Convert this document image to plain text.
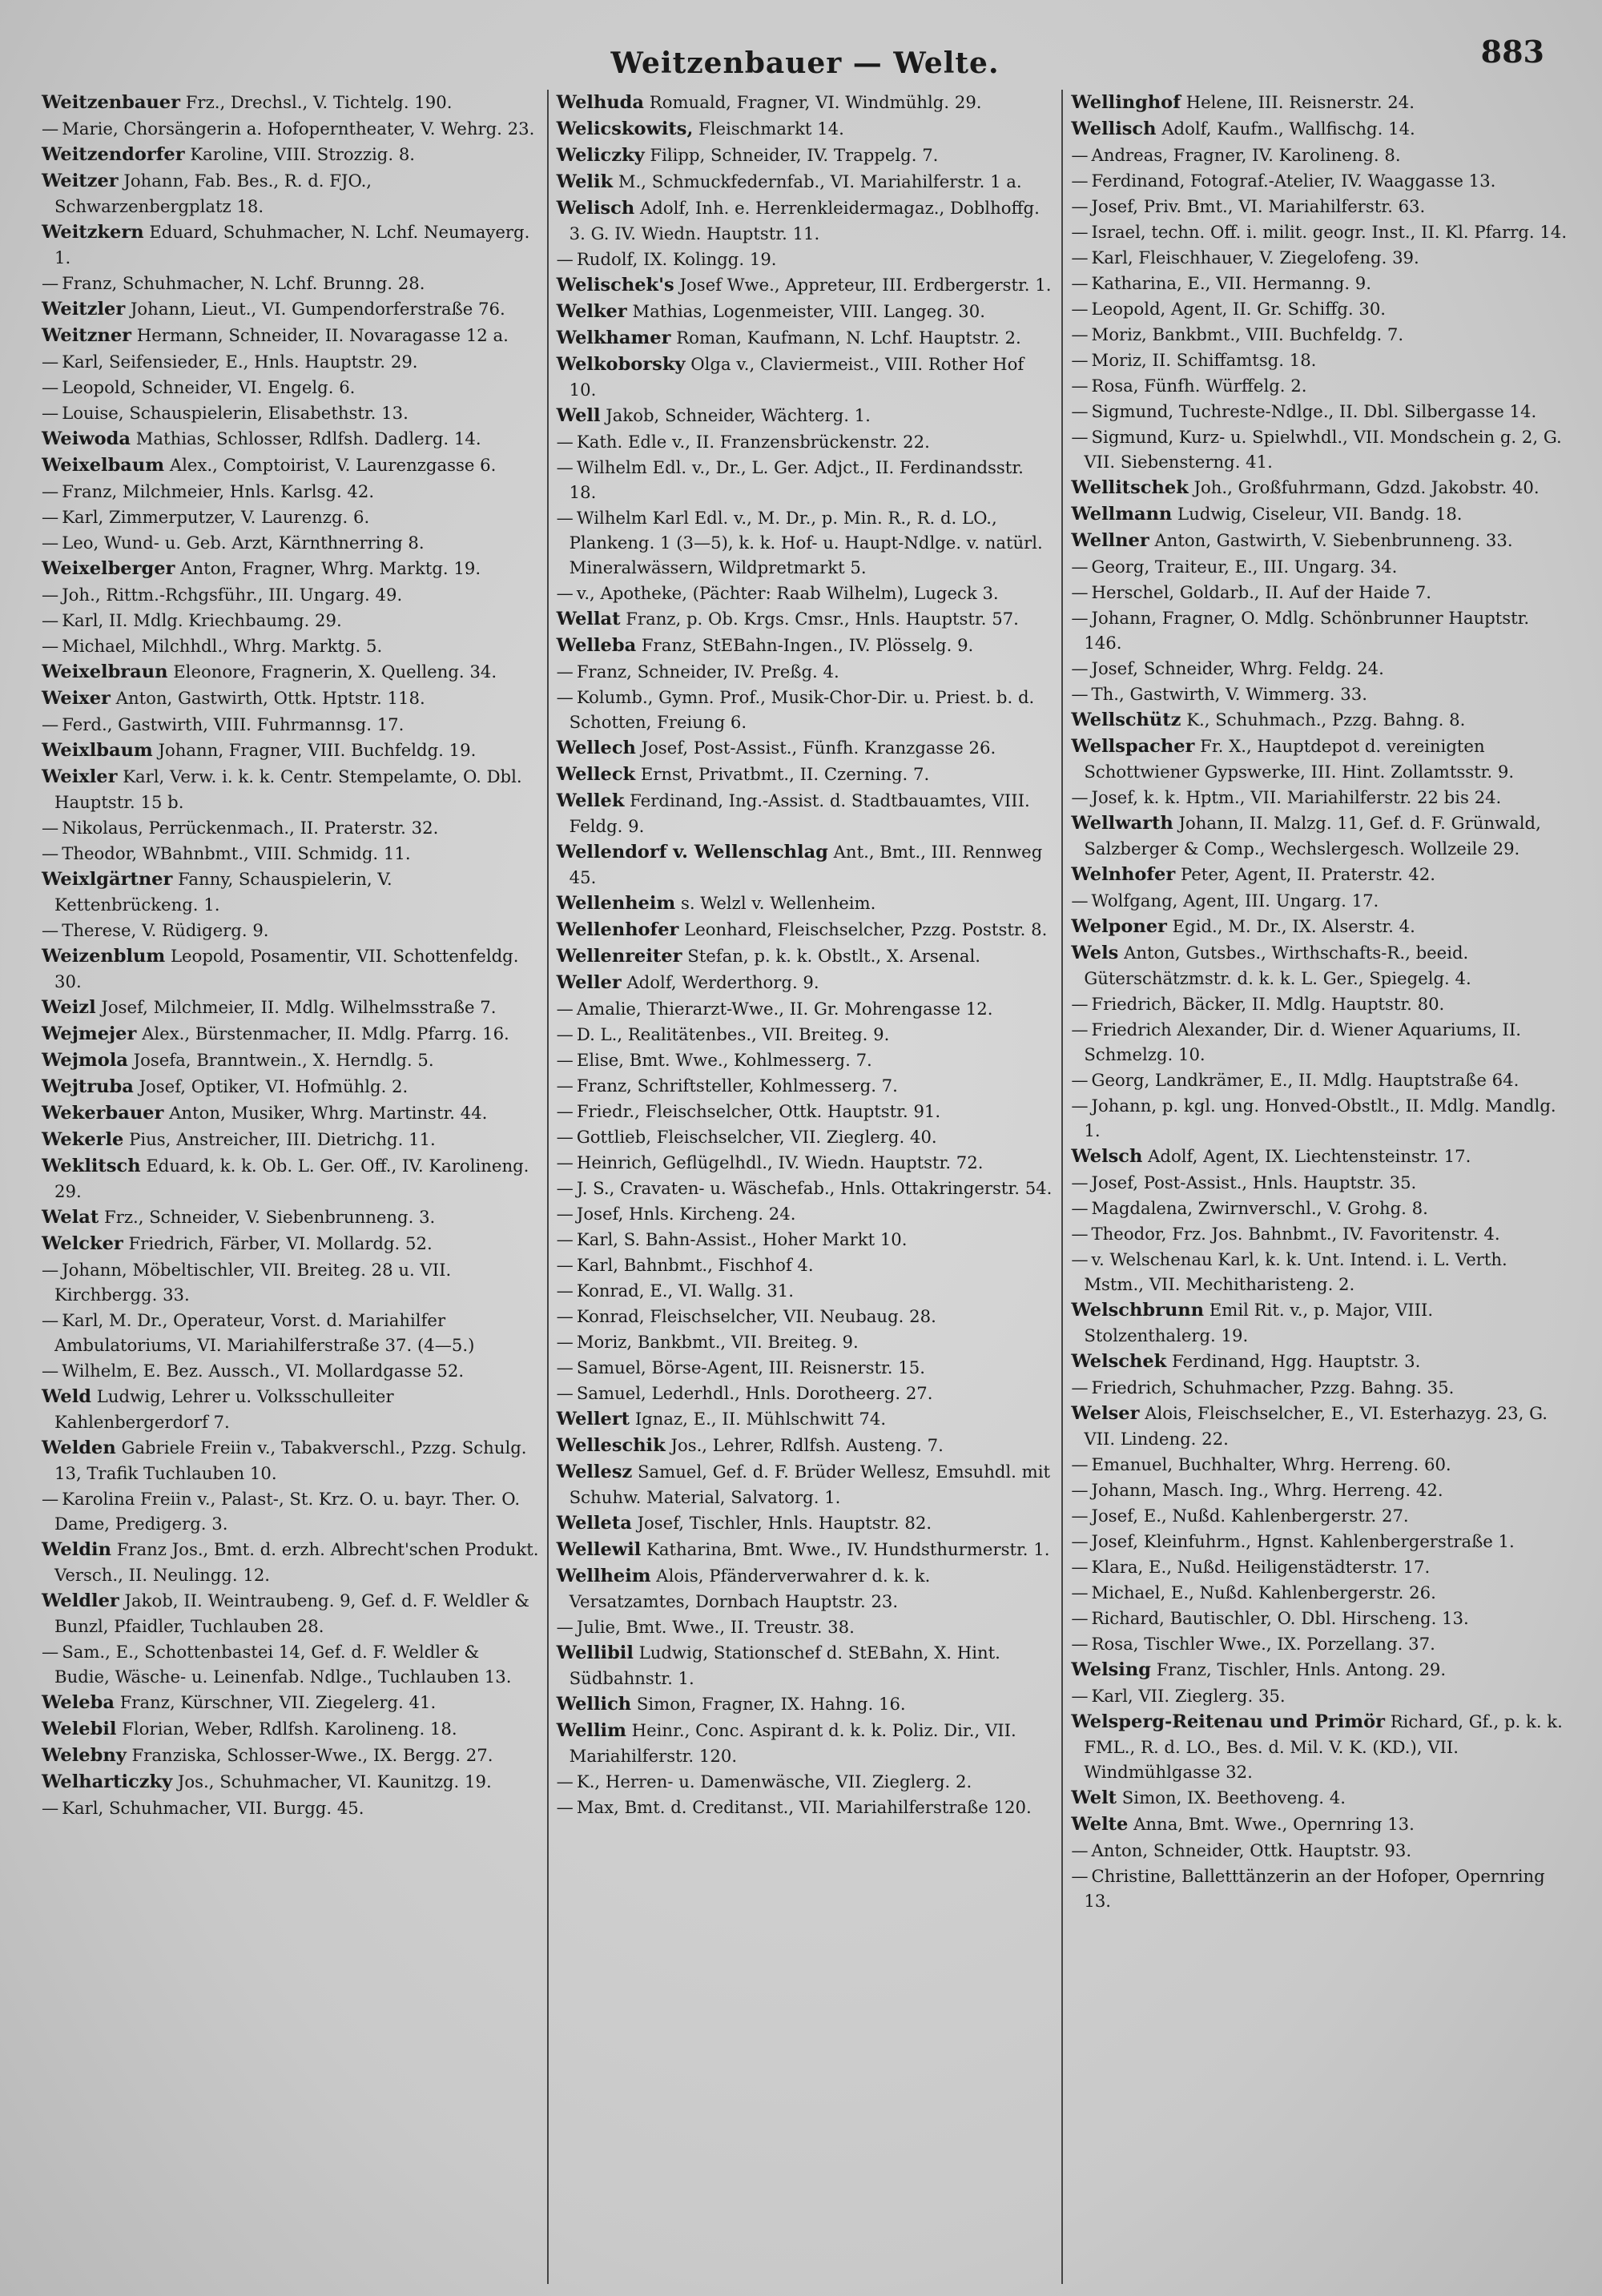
Weitzenbauer — Welte.	883

Weitzenbauer Frz., Drechsl., V. Tichtelg. 190.

— Marie, Chorsängerin a. Hofoperntheater, V. Wehrg. 23.

Weitzendorfer Karoline, VIII. Strozzig. 8.

Weitzer Johann, Fab. Bes., R. d. FJO., Schwarzenbergplatz 18.

Weitzkern Eduard, Schuhmacher, N. Lchf. Neumayerg. 1.

— Franz, Schuhmacher, N. Lchf. Brunng. 28.

Weitzler Johann, Lieut., VI. Gumpendorferstraße 76.

Weitzner Hermann, Schneider, II. Novaragasse 12 a.

— Karl, Seifensieder, E., Hnls. Hauptstr. 29.

— Leopold, Schneider, VI. Engelg. 6.

— Louise, Schauspielerin, Elisabethstr. 13.

Weiwoda Mathias, Schlosser, Rdlfsh. Dadlerg. 14.

Weixelbaum Alex., Comptoirist, V. Laurenzgasse 6.

— Franz, Milchmeier, Hnls. Karlsg. 42.

— Karl, Zimmerputzer, V. Laurenzg. 6.

— Leo, Wund- u. Geb. Arzt, Kärnthnerring 8.

Weixelberger Anton, Fragner, Whrg. Marktg. 19.

— Joh., Rittm.-Rchgsführ., III. Ungarg. 49.

— Karl, II. Mdlg. Kriechbaumg. 29.

— Michael, Milchhdl., Whrg. Marktg. 5.

Weixelbraun Eleonore, Fragnerin, X. Quelleng. 34.

Weixer Anton, Gastwirth, Ottk. Hptstr. 118.

— Ferd., Gastwirth, VIII. Fuhrmannsg. 17.

Weixlbaum Johann, Fragner, VIII. Buchfeldg. 19.

Weixler Karl, Verw. i. k. k. Centr. Stempelamte, O. Dbl. Hauptstr. 15 b.

— Nikolaus, Perrückenmach., II. Praterstr. 32.

— Theodor, WBahnbmt., VIII. Schmidg. 11.

Weixlgärtner Fanny, Schauspielerin, V. Kettenbrückeng. 1.

— Therese, V. Rüdigerg. 9.

Weizenblum Leopold, Posamentir, VII. Schottenfeldg. 30.

Weizl Josef, Milchmeier, II. Mdlg. Wilhelmsstraße 7.

Wejmejer Alex., Bürstenmacher, II. Mdlg. Pfarrg. 16.

Wejmola Josefa, Branntwein., X. Herndlg. 5.

Wejtruba Josef, Optiker, VI. Hofmühlg. 2.

Wekerbauer Anton, Musiker, Whrg. Martinstr. 44.

Wekerle Pius, Anstreicher, III. Dietrichg. 11.

Weklitsch Eduard, k. k. Ob. L. Ger. Off., IV. Karolineng. 29.

Welat Frz., Schneider, V. Siebenbrunneng. 3.

Welcker Friedrich, Färber, VI. Mollardg. 52.

— Johann, Möbeltischler, VII. Breiteg. 28 u. VII. Kirchbergg. 33.

— Karl, M. Dr., Operateur, Vorst. d. Mariahilfer Ambulatoriums, VI. Mariahilferstraße 37. (4—5.)

— Wilhelm, E. Bez. Aussch., VI. Mollardgasse 52.

Weld Ludwig, Lehrer u. Volksschulleiter Kahlenbergerdorf 7.

Welden Gabriele Freiin v., Tabakverschl., Pzzg. Schulg. 13, Trafik Tuchlauben 10.

— Karolina Freiin v., Palast-, St. Krz. O. u. bayr. Ther. O. Dame, Predigerg. 3.

Weldin Franz Jos., Bmt. d. erzh. Albrecht'schen Produkt. Versch., II. Neulingg. 12.

Weldler Jakob, II. Weintraubeng. 9, Gef. d. F. Weldler & Bunzl, Pfaidler, Tuchlauben 28.

— Sam., E., Schottenbastei 14, Gef. d. F. Weldler & Budie, Wäsche- u. Leinenfab. Ndlge., Tuchlauben 13.

Weleba Franz, Kürschner, VII. Ziegelerg. 41.

Welebil Florian, Weber, Rdlfsh. Karolineng. 18.

Welebny Franziska, Schlosser-Wwe., IX. Bergg. 27.

Welharticzky Jos., Schuhmacher, VI. Kaunitzg. 19.

— Karl, Schuhmacher, VII. Burgg. 45.

Welhuda Romuald, Fragner, VI. Windmühlg. 29.

Welicskowits, Fleischmarkt 14.

Weliczky Filipp, Schneider, IV. Trappelg. 7.

Welik M., Schmuckfedernfab., VI. Mariahilferstr. 1 a.

Welisch Adolf, Inh. e. Herrenkleidermagaz., Doblhoffg. 3. G. IV. Wiedn. Hauptstr. 11.

— Rudolf, IX. Kolingg. 19.

Welischek's Josef Wwe., Appreteur, III. Erdbergerstr. 1.

Welker Mathias, Logenmeister, VIII. Langeg. 30.

Welkhamer Roman, Kaufmann, N. Lchf. Hauptstr. 2.

Welkoborsky Olga v., Claviermeist., VIII. Rother Hof 10.

Well Jakob, Schneider, Wächterg. 1.

— Kath. Edle v., II. Franzensbrückenstr. 22.

— Wilhelm Edl. v., Dr., L. Ger. Adjct., II. Ferdinandsstr. 18.

— Wilhelm Karl Edl. v., M. Dr., p. Min. R., R. d. LO., Plankeng. 1 (3—5), k. k. Hof- u. Haupt-Ndlge. v. natürl. Mineralwässern, Wildpretmarkt 5.

— v., Apotheke, (Pächter: Raab Wilhelm), Lugeck 3.

Wellat Franz, p. Ob. Krgs. Cmsr., Hnls. Hauptstr. 57.

Welleba Franz, StEBahn-Ingen., IV. Plösselg. 9.

— Franz, Schneider, IV. Preßg. 4.

— Kolumb., Gymn. Prof., Musik-Chor-Dir. u. Priest. b. d. Schotten, Freiung 6.

Wellech Josef, Post-Assist., Fünfh. Kranzgasse 26.

Welleck Ernst, Privatbmt., II. Czerning. 7.

Wellek Ferdinand, Ing.-Assist. d. Stadtbauamtes, VIII. Feldg. 9.

Wellendorf v. Wellenschlag Ant., Bmt., III. Rennweg 45.

Wellenheim s. Welzl v. Wellenheim.

Wellenhofer Leonhard, Fleischselcher, Pzzg. Poststr. 8.

Wellenreiter Stefan, p. k. k. Obstlt., X. Arsenal.

Weller Adolf, Werderthorg. 9.

— Amalie, Thierarzt-Wwe., II. Gr. Mohrengasse 12.

— D. L., Realitätenbes., VII. Breiteg. 9.

— Elise, Bmt. Wwe., Kohlmesserg. 7.

— Franz, Schriftsteller, Kohlmesserg. 7.

— Friedr., Fleischselcher, Ottk. Hauptstr. 91.

— Gottlieb, Fleischselcher, VII. Zieglerg. 40.

— Heinrich, Geflügelhdl., IV. Wiedn. Hauptstr. 72.

— J. S., Cravaten- u. Wäschefab., Hnls. Ottakringerstr. 54.

— Josef, Hnls. Kircheng. 24.

— Karl, S. Bahn-Assist., Hoher Markt 10.

— Karl, Bahnbmt., Fischhof 4.

— Konrad, E., VI. Wallg. 31.

— Konrad, Fleischselcher, VII. Neubaug. 28.

— Moriz, Bankbmt., VII. Breiteg. 9.

— Samuel, Börse-Agent, III. Reisnerstr. 15.

— Samuel, Lederhdl., Hnls. Dorotheerg. 27.

Wellert Ignaz, E., II. Mühlschwitt 74.

Welleschik Jos., Lehrer, Rdlfsh. Austeng. 7.

Wellesz Samuel, Gef. d. F. Brüder Wellesz, Emsuhdl. mit Schuhw. Material, Salvatorg. 1.

Welleta Josef, Tischler, Hnls. Hauptstr. 82.

Wellewil Katharina, Bmt. Wwe., IV. Hundsthurmerstr. 1.

Wellheim Alois, Pfänderverwahrer d. k. k. Versatzamtes, Dornbach Hauptstr. 23.

— Julie, Bmt. Wwe., II. Treustr. 38.

Wellibil Ludwig, Stationschef d. StEBahn, X. Hint. Südbahnstr. 1.

Wellich Simon, Fragner, IX. Hahng. 16.

Wellim Heinr., Conc. Aspirant d. k. k. Poliz. Dir., VII. Mariahilferstr. 120.

— K., Herren- u. Damenwäsche, VII. Zieglerg. 2.

— Max, Bmt. d. Creditanst., VII. Mariahilferstraße 120.

Wellinghof Helene, III. Reisnerstr. 24.

Wellisch Adolf, Kaufm., Wallfischg. 14.

— Andreas, Fragner, IV. Karolineng. 8.

— Ferdinand, Fotograf.-Atelier, IV. Waaggasse 13.

— Josef, Priv. Bmt., VI. Mariahilferstr. 63.

— Israel, techn. Off. i. milit. geogr. Inst., II. Kl. Pfarrg. 14.

— Karl, Fleischhauer, V. Ziegelofeng. 39.

— Katharina, E., VII. Hermanng. 9.

— Leopold, Agent, II. Gr. Schiffg. 30.

— Moriz, Bankbmt., VIII. Buchfeldg. 7.

— Moriz, II. Schiffamtsg. 18.

— Rosa, Fünfh. Würffelg. 2.

— Sigmund, Tuchreste-Ndlge., II. Dbl. Silbergasse 14.

— Sigmund, Kurz- u. Spielwhdl., VII. Mondschein g. 2, G. VII. Siebensterng. 41.

Wellitschek Joh., Großfuhrmann, Gdzd. Jakobstr. 40.

Wellmann Ludwig, Ciseleur, VII. Bandg. 18.

Wellner Anton, Gastwirth, V. Siebenbrunneng. 33.

— Georg, Traiteur, E., III. Ungarg. 34.

— Herschel, Goldarb., II. Auf der Haide 7.

— Johann, Fragner, O. Mdlg. Schönbrunner Hauptstr. 146.

— Josef, Schneider, Whrg. Feldg. 24.

— Th., Gastwirth, V. Wimmerg. 33.

Wellschütz K., Schuhmach., Pzzg. Bahng. 8.

Wellspacher Fr. X., Hauptdepot d. vereinigten Schottwiener Gypswerke, III. Hint. Zollamtsstr. 9.

— Josef, k. k. Hptm., VII. Mariahilferstr. 22 bis 24.

Wellwarth Johann, II. Malzg. 11, Gef. d. F. Grünwald, Salzberger & Comp., Wechslergesch. Wollzeile 29.

Welnhofer Peter, Agent, II. Praterstr. 42.

— Wolfgang, Agent, III. Ungarg. 17.

Welponer Egid., M. Dr., IX. Alserstr. 4.

Wels Anton, Gutsbes., Wirthschafts-R., beeid. Güterschätzmstr. d. k. k. L. Ger., Spiegelg. 4.

— Friedrich, Bäcker, II. Mdlg. Hauptstr. 80.

— Friedrich Alexander, Dir. d. Wiener Aquariums, II. Schmelzg. 10.

— Georg, Landkrämer, E., II. Mdlg. Hauptstraße 64.

— Johann, p. kgl. ung. Honved-Obstlt., II. Mdlg. Mandlg. 1.

Welsch Adolf, Agent, IX. Liechtensteinstr. 17.

— Josef, Post-Assist., Hnls. Hauptstr. 35.

— Magdalena, Zwirnverschl., V. Grohg. 8.

— Theodor, Frz. Jos. Bahnbmt., IV. Favoritenstr. 4.

— v. Welschenau Karl, k. k. Unt. Intend. i. L. Verth. Mstm., VII. Mechitharisteng. 2.

Welschbrunn Emil Rit. v., p. Major, VIII. Stolzenthalerg. 19.

Welschek Ferdinand, Hgg. Hauptstr. 3.

— Friedrich, Schuhmacher, Pzzg. Bahng. 35.

Welser Alois, Fleischselcher, E., VI. Esterhazyg. 23, G. VII. Lindeng. 22.

— Emanuel, Buchhalter, Whrg. Herreng. 60.

— Johann, Masch. Ing., Whrg. Herreng. 42.

— Josef, E., Nußd. Kahlenbergerstr. 27.

— Josef, Kleinfuhrm., Hgnst. Kahlenbergerstraße 1.

— Klara, E., Nußd. Heiligenstädterstr. 17.

— Michael, E., Nußd. Kahlenbergerstr. 26.

— Richard, Bautischler, O. Dbl. Hirscheng. 13.

— Rosa, Tischler Wwe., IX. Porzellang. 37.

Welsing Franz, Tischler, Hnls. Antong. 29.

— Karl, VII. Zieglerg. 35.

Welsperg-Reitenau und Primör Richard, Gf., p. k. k. FML., R. d. LO., Bes. d. Mil. V. K. (KD.), VII. Windmühlgasse 32.

Welt Simon, IX. Beethoveng. 4.

Welte Anna, Bmt. Wwe., Opernring 13.

— Anton, Schneider, Ottk. Hauptstr. 93.

— Christine, Balletttänzerin an der Hofoper, Opernring 13.
